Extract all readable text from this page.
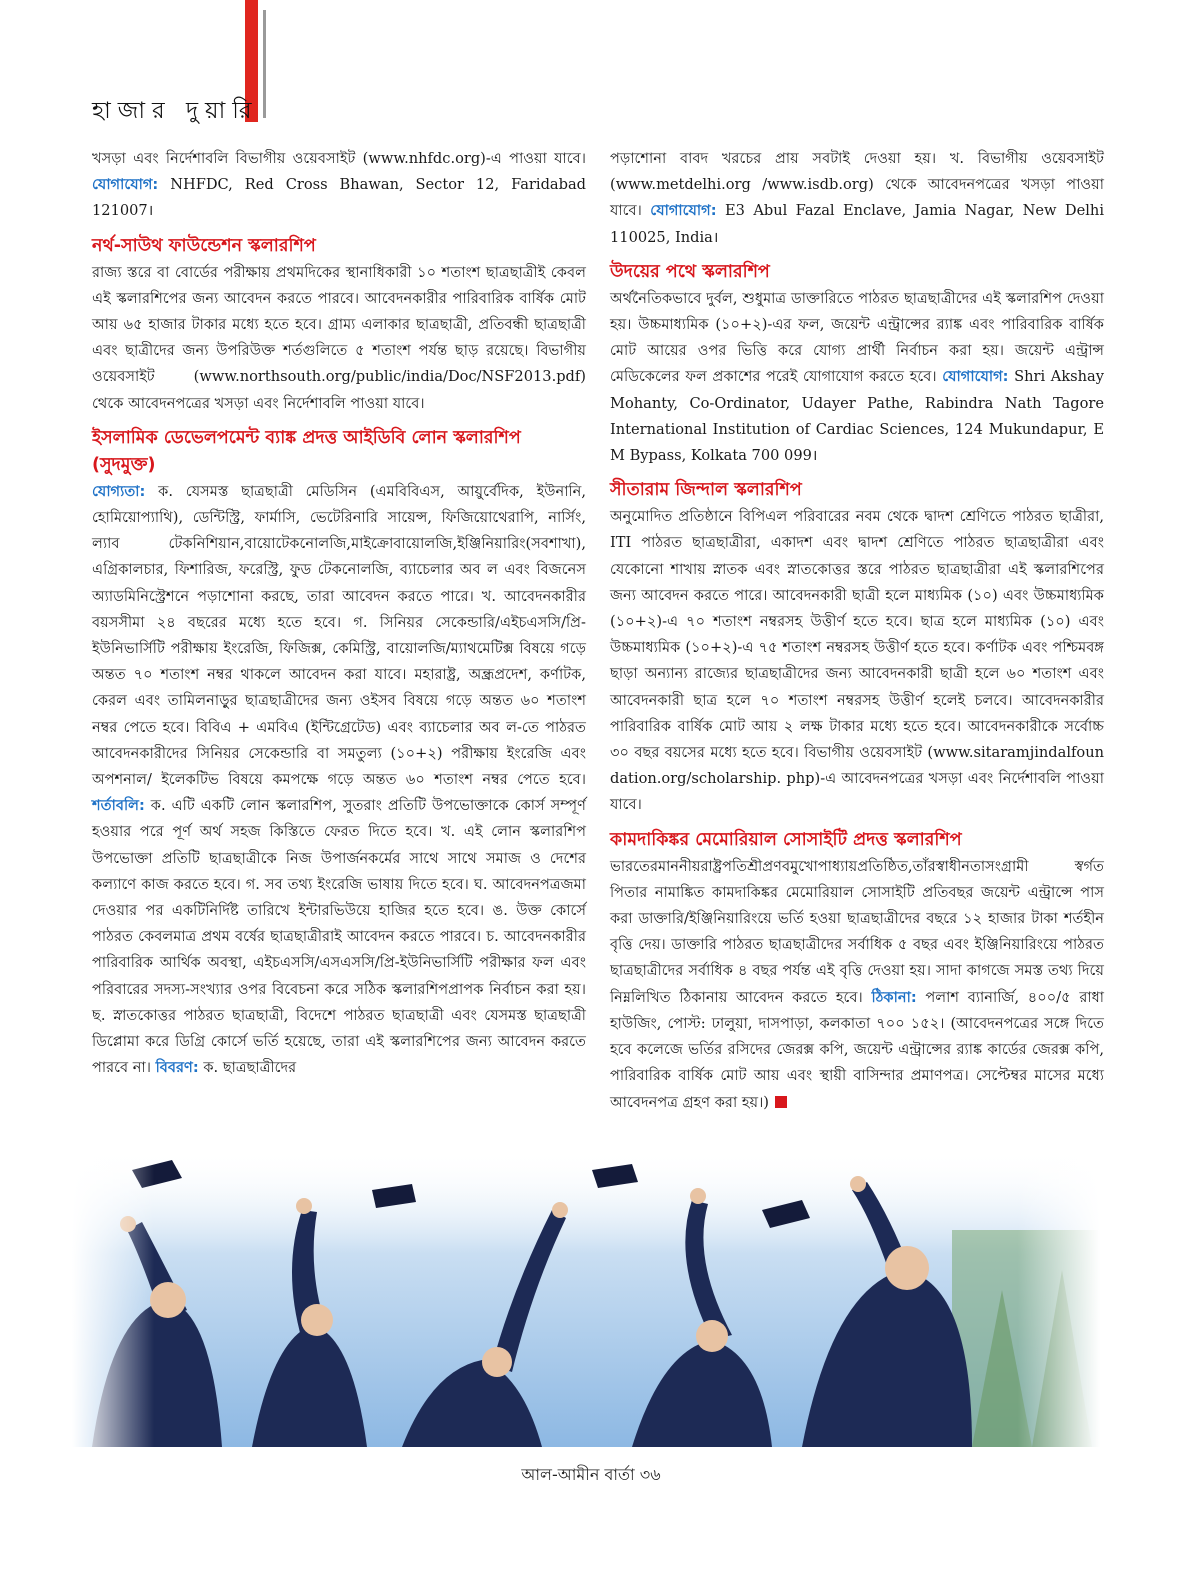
হাজার দুয়ারি

খসড়া এবং নির্দেশাবলি বিভাগীয় ওয়েবসাইট (www.nhfdc.org)-এ পাওয়া যাবে। যোগাযোগ: NHFDC, Red Cross Bhawan, Sector 12, Faridabad 121007।

নর্থ-সাউথ ফাউন্ডেশন স্কলারশিপ

রাজ্য স্তরে বা বোর্ডের পরীক্ষায় প্রথমদিকের স্থানাধিকারী ১০ শতাংশ ছাত্রছাত্রীই কেবল এই স্কলারশিপের জন্য আবেদন করতে পারবে। আবেদনকারীর পারিবারিক বার্ষিক মোট আয় ৬৫ হাজার টাকার মধ্যে হতে হবে। গ্রাম্য এলাকার ছাত্রছাত্রী, প্রতিবন্ধী ছাত্রছাত্রী এবং ছাত্রীদের জন্য উপরিউক্ত শর্তগুলিতে ৫ শতাংশ পর্যন্ত ছাড় রয়েছে। বিভাগীয় ওয়েবসাইট (www.northsouth.org/public/india/Doc/NSF2013.pdf) থেকে আবেদনপত্রের খসড়া এবং নির্দেশাবলি পাওয়া যাবে।

ইসলামিক ডেভেলপমেন্ট ব্যাঙ্ক প্রদত্ত আইডিবি লোন স্কলারশিপ (সুদমুক্ত)

যোগ্যতা: ক. যেসমস্ত ছাত্রছাত্রী মেডিসিন (এমবিবিএস, আয়ুর্বেদিক, ইউনানি, হোমিয়োপ্যাথি), ডেন্টিস্ট্রি, ফার্মাসি, ভেটেরিনারি সায়েন্স, ফিজিয়োথেরাপি, নার্সিং, ল্যাব টেকনিশিয়ান,বায়োটেকনোলজি,মাইক্রোবায়োলজি,ইঞ্জিনিয়ারিং(সবশাখা), এগ্রিকালচার, ফিশারিজ, ফরেস্ট্রি, ফুড টেকনোলজি, ব্যাচেলার অব ল এবং বিজনেস অ্যাডমিনিস্ট্রেশনে পড়াশোনা করছে, তারা আবেদন করতে পারে। খ. আবেদনকারীর বয়সসীমা ২৪ বছরের মধ্যে হতে হবে। গ. সিনিয়র সেকেন্ডারি/এইচএসসি/প্রি-ইউনিভার্সিটি পরীক্ষায় ইংরেজি, ফিজিক্স, কেমিস্ট্রি, বায়োলজি/ম্যাথমেটিক্স বিষয়ে গড়ে অন্তত ৭০ শতাংশ নম্বর থাকলে আবেদন করা যাবে। মহারাষ্ট্র, অন্ধ্রপ্রদেশ, কর্ণাটক, কেরল এবং তামিলনাড়ুর ছাত্রছাত্রীদের জন্য ওইসব বিষয়ে গড়ে অন্তত ৬০ শতাংশ নম্বর পেতে হবে। বিবিএ + এমবিএ (ইন্টিগ্রেটেড) এবং ব্যাচেলার অব ল-তে পাঠরত আবেদনকারীদের সিনিয়র সেকেন্ডারি বা সমতুল্য (১০+২) পরীক্ষায় ইংরেজি এবং অপশনাল/ ইলেকটিভ বিষয়ে কমপক্ষে গড়ে অন্তত ৬০ শতাংশ নম্বর পেতে হবে। শর্তাবলি: ক. এটি একটি লোন স্কলারশিপ, সুতরাং প্রতিটি উপভোক্তাকে কোর্স সম্পূর্ণ হওয়ার পরে পূর্ণ অর্থ সহজ কিস্তিতে ফেরত দিতে হবে। খ. এই লোন স্কলারশিপ উপভোক্তা প্রতিটি ছাত্রছাত্রীকে নিজ উপার্জনকর্মের সাথে সাথে সমাজ ও দেশের কল্যাণে কাজ করতে হবে। গ. সব তথ্য ইংরেজি ভাষায় দিতে হবে। ঘ. আবেদনপত্রজমা দেওয়ার পর একটিনির্দিষ্ট তারিখে ইন্টারভিউয়ে হাজির হতে হবে। ঙ. উক্ত কোর্সে পাঠরত কেবলমাত্র প্রথম বর্ষের ছাত্রছাত্রীরাই আবেদন করতে পারবে। চ. আবেদনকারীর পারিবারিক আর্থিক অবস্থা, এইচএসসি/এসএসসি/প্রি-ইউনিভার্সিটি পরীক্ষার ফল এবং পরিবারের সদস্য-সংখ্যার ওপর বিবেচনা করে সঠিক স্কলারশিপপ্রাপক নির্বাচন করা হয়। ছ. স্নাতকোত্তর পাঠরত ছাত্রছাত্রী, বিদেশে পাঠরত ছাত্রছাত্রী এবং যেসমস্ত ছাত্রছাত্রী ডিপ্লোমা করে ডিগ্রি কোর্সে ভর্তি হয়েছে, তারা এই স্কলারশিপের জন্য আবেদন করতে পারবে না। বিবরণ: ক. ছাত্রছাত্রীদের

পড়াশোনা বাবদ খরচের প্রায় সবটাই দেওয়া হয়। খ. বিভাগীয় ওয়েবসাইট (www.metdelhi.org /www.isdb.org) থেকে আবেদনপত্রের খসড়া পাওয়া যাবে। যোগাযোগ: E3 Abul Fazal Enclave, Jamia Nagar, New Delhi 110025, India।

উদয়ের পথে স্কলারশিপ

অর্থনৈতিকভাবে দুর্বল, শুধুমাত্র ডাক্তারিতে পাঠরত ছাত্রছাত্রীদের এই স্কলারশিপ দেওয়া হয়। উচ্চমাধ্যমিক (১০+২)-এর ফল, জয়েন্ট এন্ট্রান্সের র‍্যাঙ্ক এবং পারিবারিক বার্ষিক মোট আয়ের ওপর ভিত্তি করে যোগ্য প্রার্থী নির্বাচন করা হয়। জয়েন্ট এন্ট্রান্স মেডিকেলের ফল প্রকাশের পরেই যোগাযোগ করতে হবে। যোগাযোগ: Shri Akshay Mohanty, Co-Ordinator, Udayer Pathe, Rabindra Nath Tagore International Institution of Cardiac Sciences, 124 Mukundapur, E M Bypass, Kolkata 700 099।

সীতারাম জিন্দাল স্কলারশিপ

অনুমোদিত প্রতিষ্ঠানে বিপিএল পরিবারের নবম থেকে দ্বাদশ শ্রেণিতে পাঠরত ছাত্রীরা, ITI পাঠরত ছাত্রছাত্রীরা, একাদশ এবং দ্বাদশ শ্রেণিতে পাঠরত ছাত্রছাত্রীরা এবং যেকোনো শাখায় স্নাতক এবং স্নাতকোত্তর স্তরে পাঠরত ছাত্রছাত্রীরা এই স্কলারশিপের জন্য আবেদন করতে পারে। আবেদনকারী ছাত্রী হলে মাধ্যমিক (১০) এবং উচ্চমাধ্যমিক (১০+২)-এ ৭০ শতাংশ নম্বরসহ উত্তীর্ণ হতে হবে। ছাত্র হলে মাধ্যমিক (১০) এবং উচ্চমাধ্যমিক (১০+২)-এ ৭৫ শতাংশ নম্বরসহ উত্তীর্ণ হতে হবে। কর্ণাটক এবং পশ্চিমবঙ্গ ছাড়া অন্যান্য রাজ্যের ছাত্রছাত্রীদের জন্য আবেদনকারী ছাত্রী হলে ৬০ শতাংশ এবং আবেদনকারী ছাত্র হলে ৭০ শতাংশ নম্বরসহ উত্তীর্ণ হলেই চলবে। আবেদনকারীর পারিবারিক বার্ষিক মোট আয় ২ লক্ষ টাকার মধ্যে হতে হবে। আবেদনকারীকে সর্বোচ্চ ৩০ বছর বয়সের মধ্যে হতে হবে। বিভাগীয় ওয়েবসাইট (www.sitaramjindalfoun dation.org/scholarship. php)-এ আবেদনপত্রের খসড়া এবং নির্দেশাবলি পাওয়া যাবে।

কামদাকিঙ্কর মেমোরিয়াল সোসাইটি প্রদত্ত স্কলারশিপ

ভারতেরমাননীয়রাষ্ট্রপতিশ্রীপ্রণবমুখোপাধ্যায়প্রতিষ্ঠিত,তাঁরস্বাধীনতাসংগ্রামী স্বর্গত পিতার নামাঙ্কিত কামদাকিঙ্কর মেমোরিয়াল সোসাইটি প্রতিবছর জয়েন্ট এন্ট্রান্সে পাস করা ডাক্তারি/ইঞ্জিনিয়ারিংয়ে ভর্তি হওয়া ছাত্রছাত্রীদের বছরে ১২ হাজার টাকা শর্তহীন বৃত্তি দেয়। ডাক্তারি পাঠরত ছাত্রছাত্রীদের সর্বাধিক ৫ বছর এবং ইঞ্জিনিয়ারিংয়ে পাঠরত ছাত্রছাত্রীদের সর্বাধিক ৪ বছর পর্যন্ত এই বৃত্তি দেওয়া হয়। সাদা কাগজে সমস্ত তথ্য দিয়ে নিম্নলিখিত ঠিকানায় আবেদন করতে হবে। ঠিকানা: পলাশ ব্যানার্জি, ৪০০/৫ রাধা হাউজিং, পোস্ট: ঢালুয়া, দাসপাড়া, কলকাতা ৭০০ ১৫২। (আবেদনপত্রের সঙ্গে দিতে হবে কলেজে ভর্তির রসিদের জেরক্স কপি, জয়েন্ট এন্ট্রান্সের র‍্যাঙ্ক কার্ডের জেরক্স কপি, পারিবারিক বার্ষিক মোট আয় এবং স্থায়ী বাসিন্দার প্রমাণপত্র। সেপ্টেম্বর মাসের মধ্যে আবেদনপত্র গ্রহণ করা হয়।)

আল-আমীন বার্তা ৩৬
